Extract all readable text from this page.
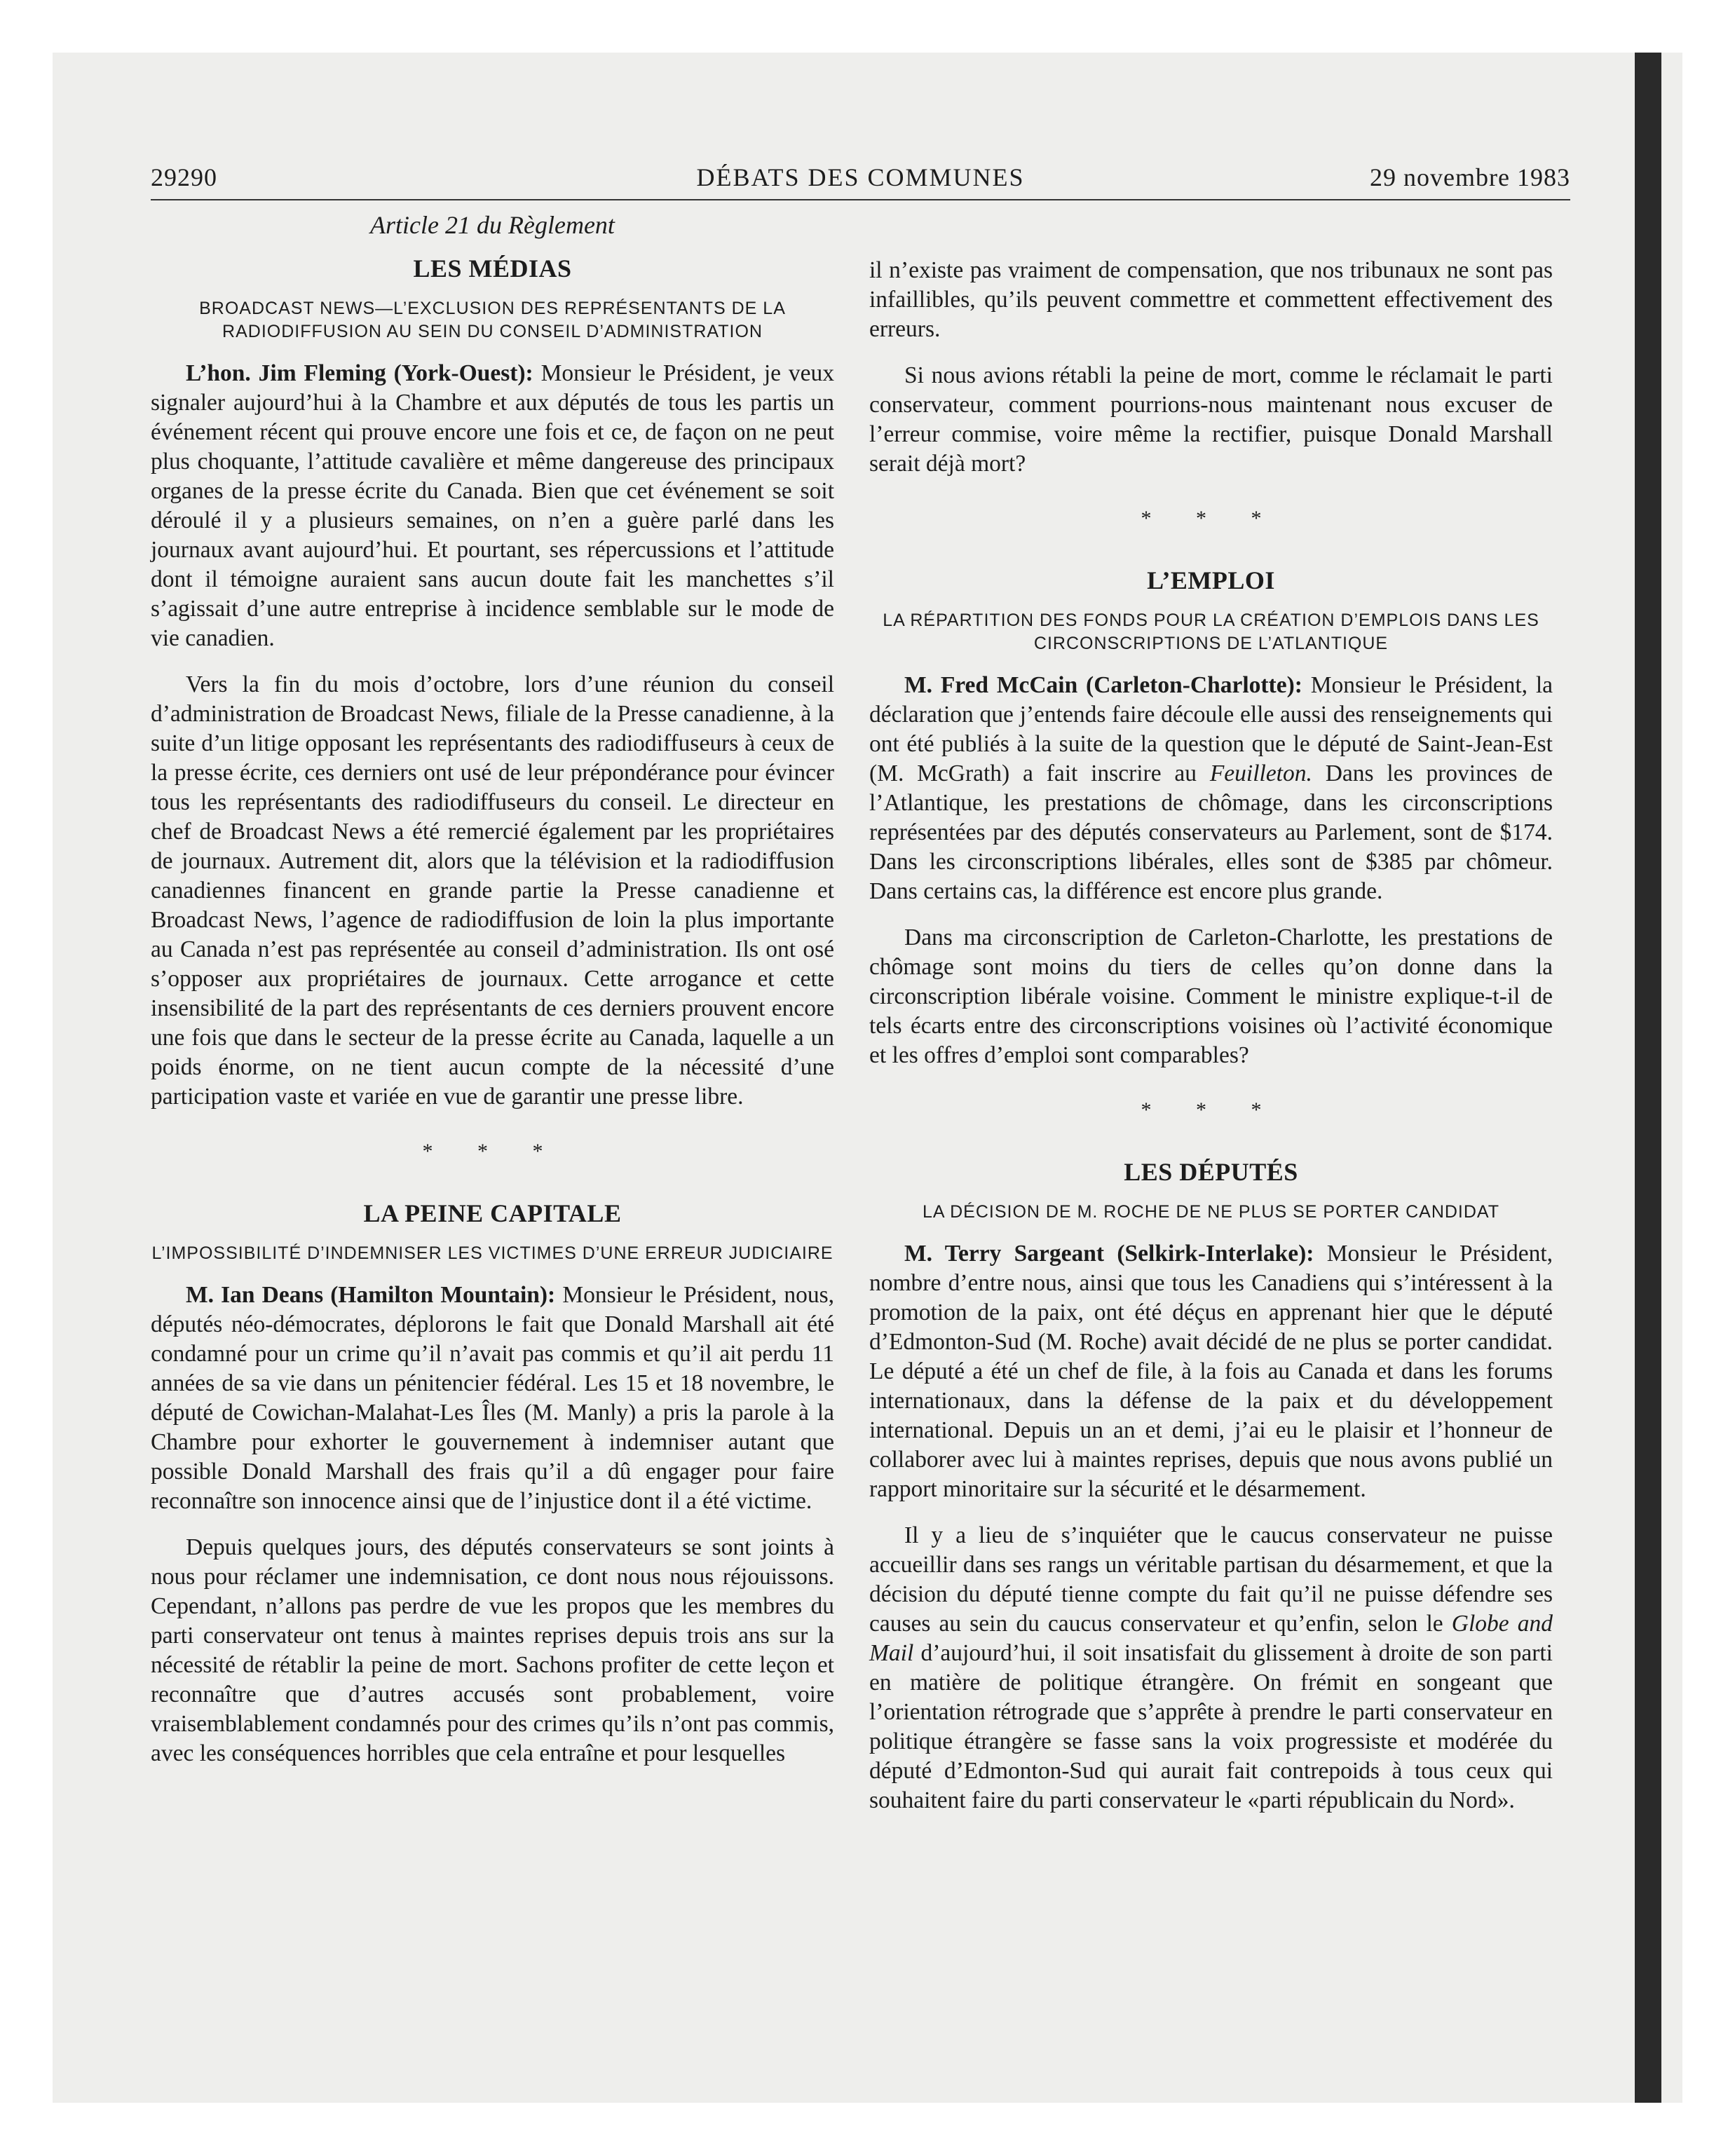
29290	DÉBATS DES COMMUNES	29 novembre 1983
Article 21 du Règlement
LES MÉDIAS
BROADCAST NEWS—L’EXCLUSION DES REPRÉSENTANTS DE LA RADIODIFFUSION AU SEIN DU CONSEIL D’ADMINISTRATION

L’hon. Jim Fleming (York-Ouest): Monsieur le Président, je veux signaler aujourd’hui à la Chambre et aux députés de tous les partis un événement récent qui prouve encore une fois et ce, de façon on ne peut plus choquante, l’attitude cavalière et même dangereuse des principaux organes de la presse écrite du Canada. Bien que cet événement se soit déroulé il y a plusieurs semaines, on n’en a guère parlé dans les journaux avant aujourd’hui. Et pourtant, ses répercussions et l’attitude dont il témoigne auraient sans aucun doute fait les manchettes s’il s’agissait d’une autre entreprise à incidence semblable sur le mode de vie canadien.

Vers la fin du mois d’octobre, lors d’une réunion du conseil d’administration de Broadcast News, filiale de la Presse canadienne, à la suite d’un litige opposant les représentants des radiodiffuseurs à ceux de la presse écrite, ces derniers ont usé de leur prépondérance pour évincer tous les représentants des radiodiffuseurs du conseil. Le directeur en chef de Broadcast News a été remercié également par les propriétaires de journaux. Autrement dit, alors que la télévision et la radiodiffusion canadiennes financent en grande partie la Presse canadienne et Broadcast News, l’agence de radiodiffusion de loin la plus importante au Canada n’est pas représentée au conseil d’administration. Ils ont osé s’opposer aux propriétaires de journaux. Cette arrogance et cette insensibilité de la part des représentants de ces derniers prouvent encore une fois que dans le secteur de la presse écrite au Canada, laquelle a un poids énorme, on ne tient aucun compte de la nécessité d’une participation vaste et variée en vue de garantir une presse libre.

* * *
LA PEINE CAPITALE
L’IMPOSSIBILITÉ D’INDEMNISER LES VICTIMES D’UNE ERREUR JUDICIAIRE

M. Ian Deans (Hamilton Mountain): Monsieur le Président, nous, députés néo-démocrates, déplorons le fait que Donald Marshall ait été condamné pour un crime qu’il n’avait pas commis et qu’il ait perdu 11 années de sa vie dans un pénitencier fédéral. Les 15 et 18 novembre, le député de Cowichan-Malahat-Les Îles (M. Manly) a pris la parole à la Chambre pour exhorter le gouvernement à indemniser autant que possible Donald Marshall des frais qu’il a dû engager pour faire reconnaître son innocence ainsi que de l’injustice dont il a été victime.

Depuis quelques jours, des députés conservateurs se sont joints à nous pour réclamer une indemnisation, ce dont nous nous réjouissons. Cependant, n’allons pas perdre de vue les propos que les membres du parti conservateur ont tenus à maintes reprises depuis trois ans sur la nécessité de rétablir la peine de mort. Sachons profiter de cette leçon et reconnaître que d’autres accusés sont probablement, voire vraisemblablement condamnés pour des crimes qu’ils n’ont pas commis, avec les conséquences horribles que cela entraîne et pour lesquelles

il n’existe pas vraiment de compensation, que nos tribunaux ne sont pas infaillibles, qu’ils peuvent commettre et commettent effectivement des erreurs.

Si nous avions rétabli la peine de mort, comme le réclamait le parti conservateur, comment pourrions-nous maintenant nous excuser de l’erreur commise, voire même la rectifier, puisque Donald Marshall serait déjà mort?

* * *
L’EMPLOI
LA RÉPARTITION DES FONDS POUR LA CRÉATION D’EMPLOIS DANS LES CIRCONSCRIPTIONS DE L’ATLANTIQUE

M. Fred McCain (Carleton-Charlotte): Monsieur le Président, la déclaration que j’entends faire découle elle aussi des renseignements qui ont été publiés à la suite de la question que le député de Saint-Jean-Est (M. McGrath) a fait inscrire au Feuilleton. Dans les provinces de l’Atlantique, les prestations de chômage, dans les circonscriptions représentées par des députés conservateurs au Parlement, sont de $174. Dans les circonscriptions libérales, elles sont de $385 par chômeur. Dans certains cas, la différence est encore plus grande.

Dans ma circonscription de Carleton-Charlotte, les prestations de chômage sont moins du tiers de celles qu’on donne dans la circonscription libérale voisine. Comment le ministre explique-t-il de tels écarts entre des circonscriptions voisines où l’activité économique et les offres d’emploi sont comparables?

* * *
LES DÉPUTÉS
LA DÉCISION DE M. ROCHE DE NE PLUS SE PORTER CANDIDAT

M. Terry Sargeant (Selkirk-Interlake): Monsieur le Président, nombre d’entre nous, ainsi que tous les Canadiens qui s’intéressent à la promotion de la paix, ont été déçus en apprenant hier que le député d’Edmonton-Sud (M. Roche) avait décidé de ne plus se porter candidat. Le député a été un chef de file, à la fois au Canada et dans les forums internationaux, dans la défense de la paix et du développement international. Depuis un an et demi, j’ai eu le plaisir et l’honneur de collaborer avec lui à maintes reprises, depuis que nous avons publié un rapport minoritaire sur la sécurité et le désarmement.

Il y a lieu de s’inquiéter que le caucus conservateur ne puisse accueillir dans ses rangs un véritable partisan du désarmement, et que la décision du député tienne compte du fait qu’il ne puisse défendre ses causes au sein du caucus conservateur et qu’enfin, selon le Globe and Mail d’aujourd’hui, il soit insatisfait du glissement à droite de son parti en matière de politique étrangère. On frémit en songeant que l’orientation rétrograde que s’apprête à prendre le parti conservateur en politique étrangère se fasse sans la voix progressiste et modérée du député d’Edmonton-Sud qui aurait fait contrepoids à tous ceux qui souhaitent faire du parti conservateur le «parti républicain du Nord».
